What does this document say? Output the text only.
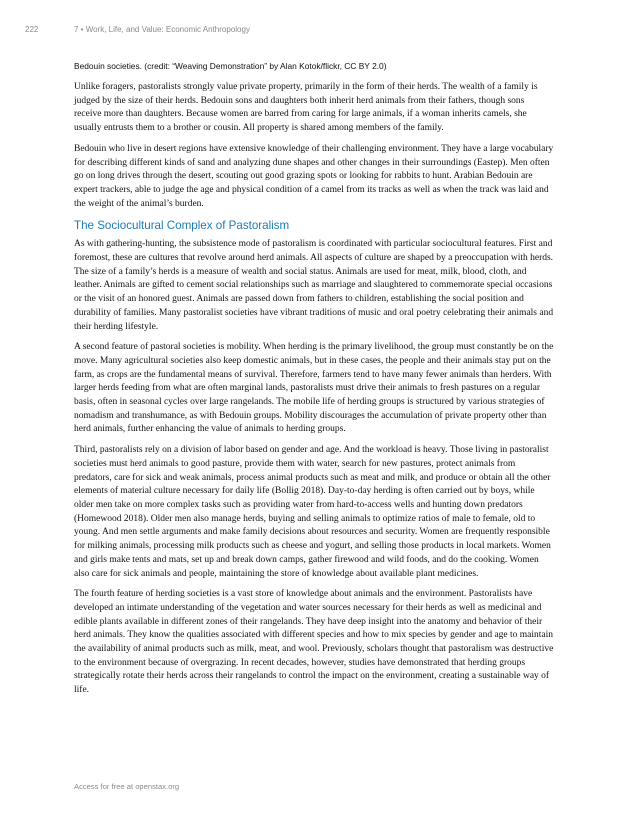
222	7 • Work, Life, and Value: Economic Anthropology
Bedouin societies. (credit: “Weaving Demonstration” by Alan Kotok/flickr, CC BY 2.0)

Unlike foragers, pastoralists strongly value private property, primarily in the form of their herds. The wealth of a family is judged by the size of their herds. Bedouin sons and daughters both inherit herd animals from their fathers, though sons receive more than daughters. Because women are barred from caring for large animals, if a woman inherits camels, she usually entrusts them to a brother or cousin. All property is shared among members of the family.

Bedouin who live in desert regions have extensive knowledge of their challenging environment. They have a large vocabulary for describing different kinds of sand and analyzing dune shapes and other changes in their surroundings (Eastep). Men often go on long drives through the desert, scouting out good grazing spots or looking for rabbits to hunt. Arabian Bedouin are expert trackers, able to judge the age and physical condition of a camel from its tracks as well as when the track was laid and the weight of the animal’s burden.

The Sociocultural Complex of Pastoralism

As with gathering-hunting, the subsistence mode of pastoralism is coordinated with particular sociocultural features. First and foremost, these are cultures that revolve around herd animals. All aspects of culture are shaped by a preoccupation with herds. The size of a family’s herds is a measure of wealth and social status. Animals are used for meat, milk, blood, cloth, and leather. Animals are gifted to cement social relationships such as marriage and slaughtered to commemorate special occasions or the visit of an honored guest. Animals are passed down from fathers to children, establishing the social position and durability of families. Many pastoralist societies have vibrant traditions of music and oral poetry celebrating their animals and their herding lifestyle.

A second feature of pastoral societies is mobility. When herding is the primary livelihood, the group must constantly be on the move. Many agricultural societies also keep domestic animals, but in these cases, the people and their animals stay put on the farm, as crops are the fundamental means of survival. Therefore, farmers tend to have many fewer animals than herders. With larger herds feeding from what are often marginal lands, pastoralists must drive their animals to fresh pastures on a regular basis, often in seasonal cycles over large rangelands. The mobile life of herding groups is structured by various strategies of nomadism and transhumance, as with Bedouin groups. Mobility discourages the accumulation of private property other than herd animals, further enhancing the value of animals to herding groups.

Third, pastoralists rely on a division of labor based on gender and age. And the workload is heavy. Those living in pastoralist societies must herd animals to good pasture, provide them with water, search for new pastures, protect animals from predators, care for sick and weak animals, process animal products such as meat and milk, and produce or obtain all the other elements of material culture necessary for daily life (Bollig 2018). Day-to-day herding is often carried out by boys, while older men take on more complex tasks such as providing water from hard-to-access wells and hunting down predators (Homewood 2018). Older men also manage herds, buying and selling animals to optimize ratios of male to female, old to young. And men settle arguments and make family decisions about resources and security. Women are frequently responsible for milking animals, processing milk products such as cheese and yogurt, and selling those products in local markets. Women and girls make tents and mats, set up and break down camps, gather firewood and wild foods, and do the cooking. Women also care for sick animals and people, maintaining the store of knowledge about available plant medicines.

The fourth feature of herding societies is a vast store of knowledge about animals and the environment. Pastoralists have developed an intimate understanding of the vegetation and water sources necessary for their herds as well as medicinal and edible plants available in different zones of their rangelands. They have deep insight into the anatomy and behavior of their herd animals. They know the qualities associated with different species and how to mix species by gender and age to maintain the availability of animal products such as milk, meat, and wool. Previously, scholars thought that pastoralism was destructive to the environment because of overgrazing. In recent decades, however, studies have demonstrated that herding groups strategically rotate their herds across their rangelands to control the impact on the environment, creating a sustainable way of life.

Access for free at openstax.org
